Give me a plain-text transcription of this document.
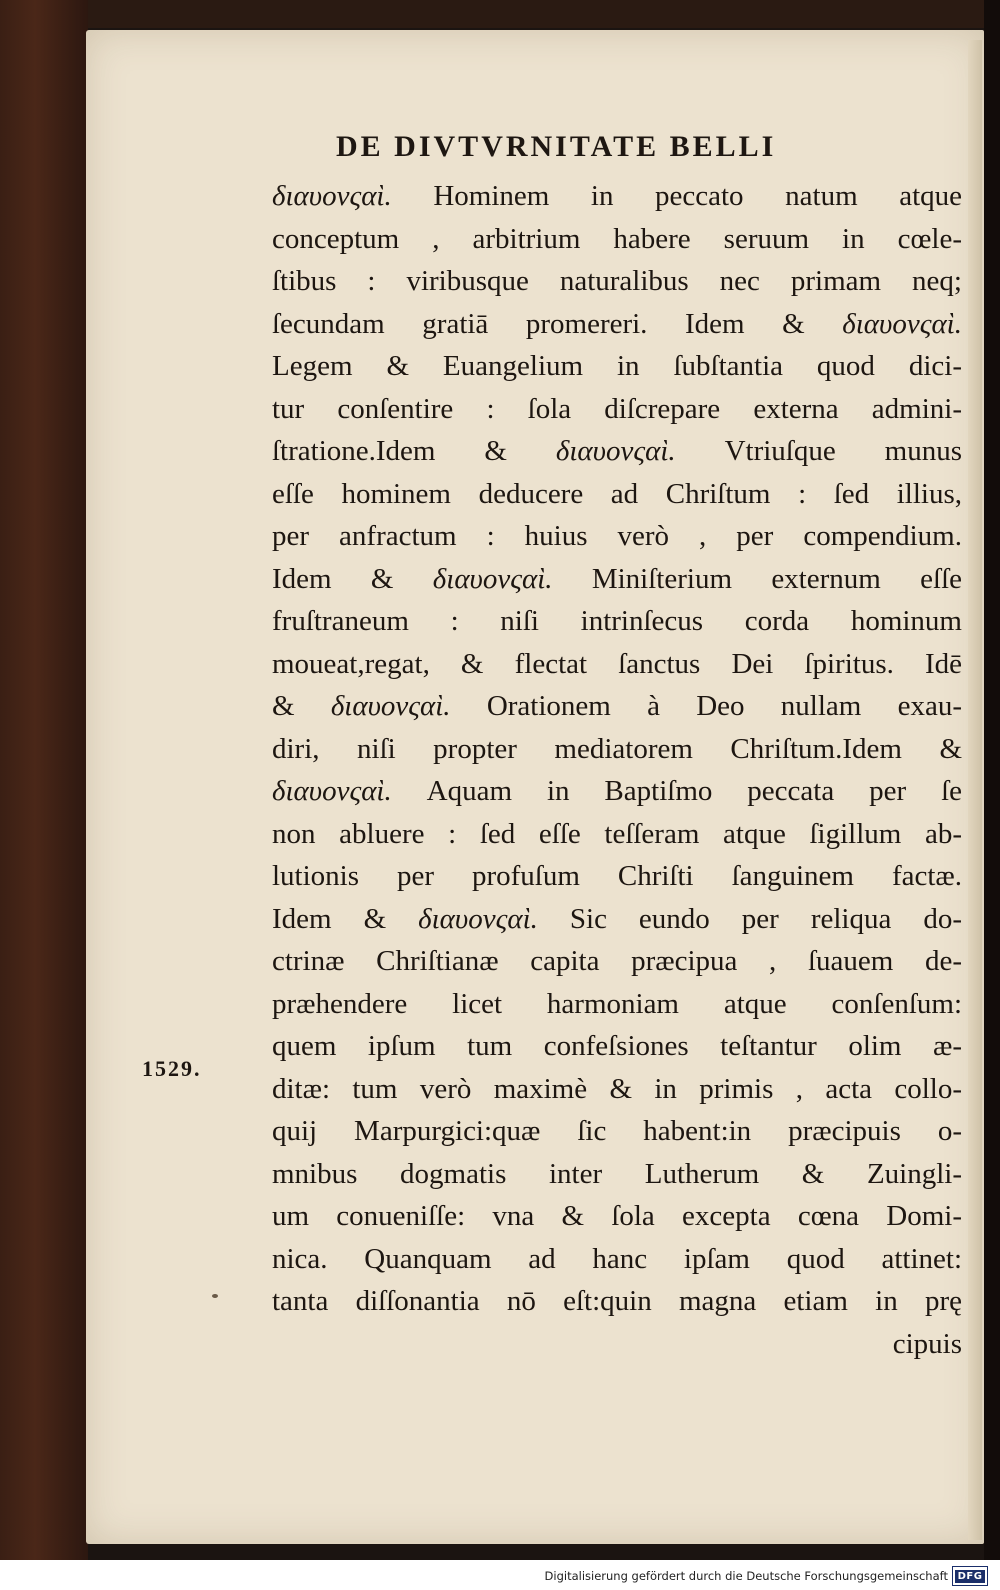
DE DIVTVRNITATE BELLI
1529.
διαυονςαὶ. Hominem in peccato natum atque
conceptum , arbitrium habere seruum in cœle-
ſtibus : viribusque naturalibus nec primam neq;
ſecundam gratiā promereri. Idem & διαυονςαὶ.
Legem & Euangelium in ſubſtantia quod dici-
tur conſentire : ſola diſcrepare externa admini-
ſtratione.Idem & διαυονςαὶ. Vtriuſque munus
eſſe hominem deducere ad Chriſtum : ſed illius,
per anfractum : huius verò , per compendium.
Idem & διαυονςαὶ. Miniſterium externum eſſe
fruſtraneum : niſi intrinſecus corda hominum
moueat,regat, & flectat ſanctus Dei ſpiritus. Idē
& διαυονςαὶ. Orationem à Deo nullam exau-
diri, niſi propter mediatorem Chriſtum.Idem &
διαυονςαὶ. Aquam in Baptiſmo peccata per ſe
non abluere : ſed eſſe teſſeram atque ſigillum ab-
lutionis per profuſum Chriſti ſanguinem factæ.
Idem & διαυονςαὶ. Sic eundo per reliqua do-
ctrinæ Chriſtianæ capita præcipua , ſuauem de-
præhendere licet harmoniam atque conſenſum:
quem ipſum tum confeſsiones teſtantur olim æ-
ditæ: tum verò maximè & in primis , acta collo-
quij Marpurgici:quæ ſic habent:in præcipuis o-
mnibus dogmatis inter Lutherum & Zuingli-
um conueniſſe: vna & ſola excepta cœna Domi-
nica. Quanquam ad hanc ipſam quod attinet:
tanta diſſonantia nō eſt:quin magna etiam in prę
cipuis
Digitalisierung gefördert durch die Deutsche Forschungsgemeinschaft DFG
